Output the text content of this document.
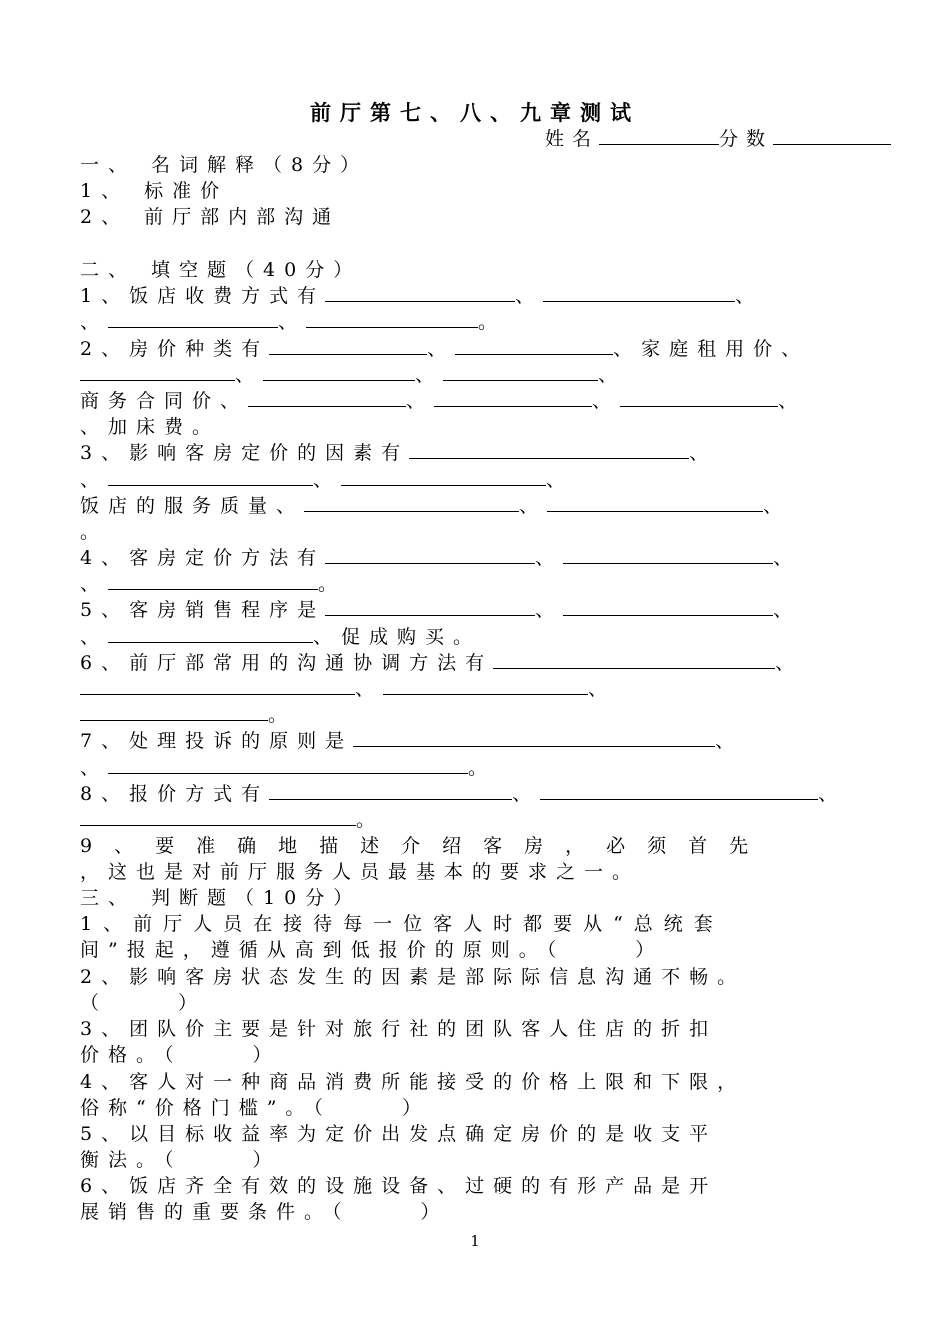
前厅第七、八、九章测试
姓名	分数
一、 名词解释（8分）
1、 标准价
2、 前厅部内部沟通
二、 填空题（40分）
1、饭店收费方式有	、	、
、	、	。
2、房价种类有	、	、家庭租用价、
、	、	、
商务合同价、	、	、	、
、加床费。
3、影响客房定价的因素有	、
、	、	、
饭店的服务质量、	、	、
。
4、客房定价方法有	、	、
、	。
5、客房销售程序是	、	、
、	、促成购买。
6、前厅部常用的沟通协调方法有	、
、	、
。
7、处理投诉的原则是	、
、	。
8、报价方式有	、	、
。
9、要准确地描述介绍客房，必须首先
，这也是对前厅服务人员最基本的要求之一。
三、 判断题（10分）
1、前厅人员在接待每一位客人时都要从“总统套
间”报起，遵循从高到低报价的原则。（	）
2、影响客房状态发生的因素是部际际信息沟通不畅。
（	）
3、团队价主要是针对旅行社的团队客人住店的折扣
价格。（	）
4、客人对一种商品消费所能接受的价格上限和下限，
俗称“价格门槛”。（	）
5、以目标收益率为定价出发点确定房价的是收支平
衡法。（	）
6、饭店齐全有效的设施设备、过硬的有形产品是开
展销售的重要条件。（	）
1
